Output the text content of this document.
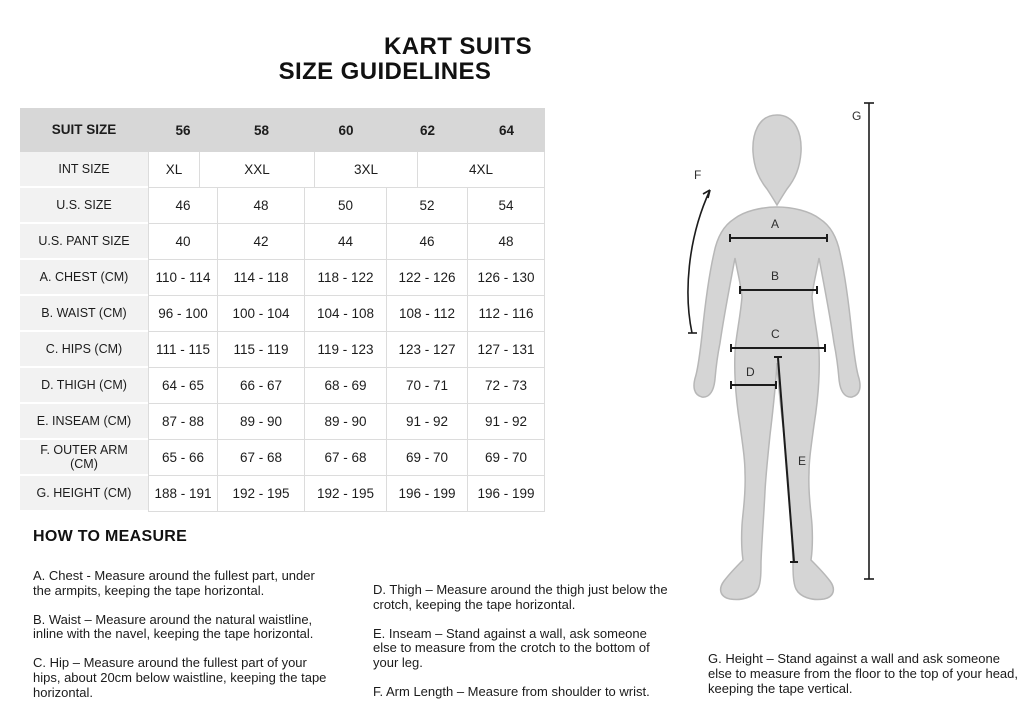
KART SUITS
SIZE GUIDELINES
SUIT SIZE	56	58	60	62	64
INT SIZE	XL	XXL	3XL	4XL
U.S. SIZE	46	48	50	52	54
U.S. PANT SIZE	40	42	44	46	48
A. CHEST (CM)	110 - 114	114 - 118	118 - 122	122 - 126	126 - 130
B. WAIST (CM)	96 - 100	100 - 104	104 - 108	108 - 112	112 - 116
C. HIPS (CM)	111 - 115	115 - 119	119 - 123	123 - 127	127 - 131
D. THIGH (CM)	64 - 65	66 - 67	68 - 69	70 - 71	72 - 73
E. INSEAM (CM)	87 - 88	89 - 90	89 - 90	91 - 92	91 - 92
F. OUTER ARM (CM)	65 - 66	67 - 68	67 - 68	69 - 70	69 - 70
G. HEIGHT (CM)	188 - 191	192 - 195	192 - 195	196 - 199	196 - 199
A
B
C
D
E
F
G
HOW TO MEASURE

A. Chest - Measure around the fullest part, under the armpits, keeping the tape horizontal.

B. Waist – Measure around the natural waistline, inline with the navel, keeping the tape horizontal.

C. Hip – Measure around the fullest part of your hips, about 20cm below waistline, keeping the tape horizontal.

D. Thigh – Measure around the thigh just below the crotch, keeping the tape horizontal.

E. Inseam – Stand against a wall, ask someone else to measure from the crotch to the bottom of your leg.

F. Arm Length – Measure from shoulder to wrist.

G. Height – Stand against a wall and ask someone else to measure from the floor to the top of your head, keeping the tape vertical.
